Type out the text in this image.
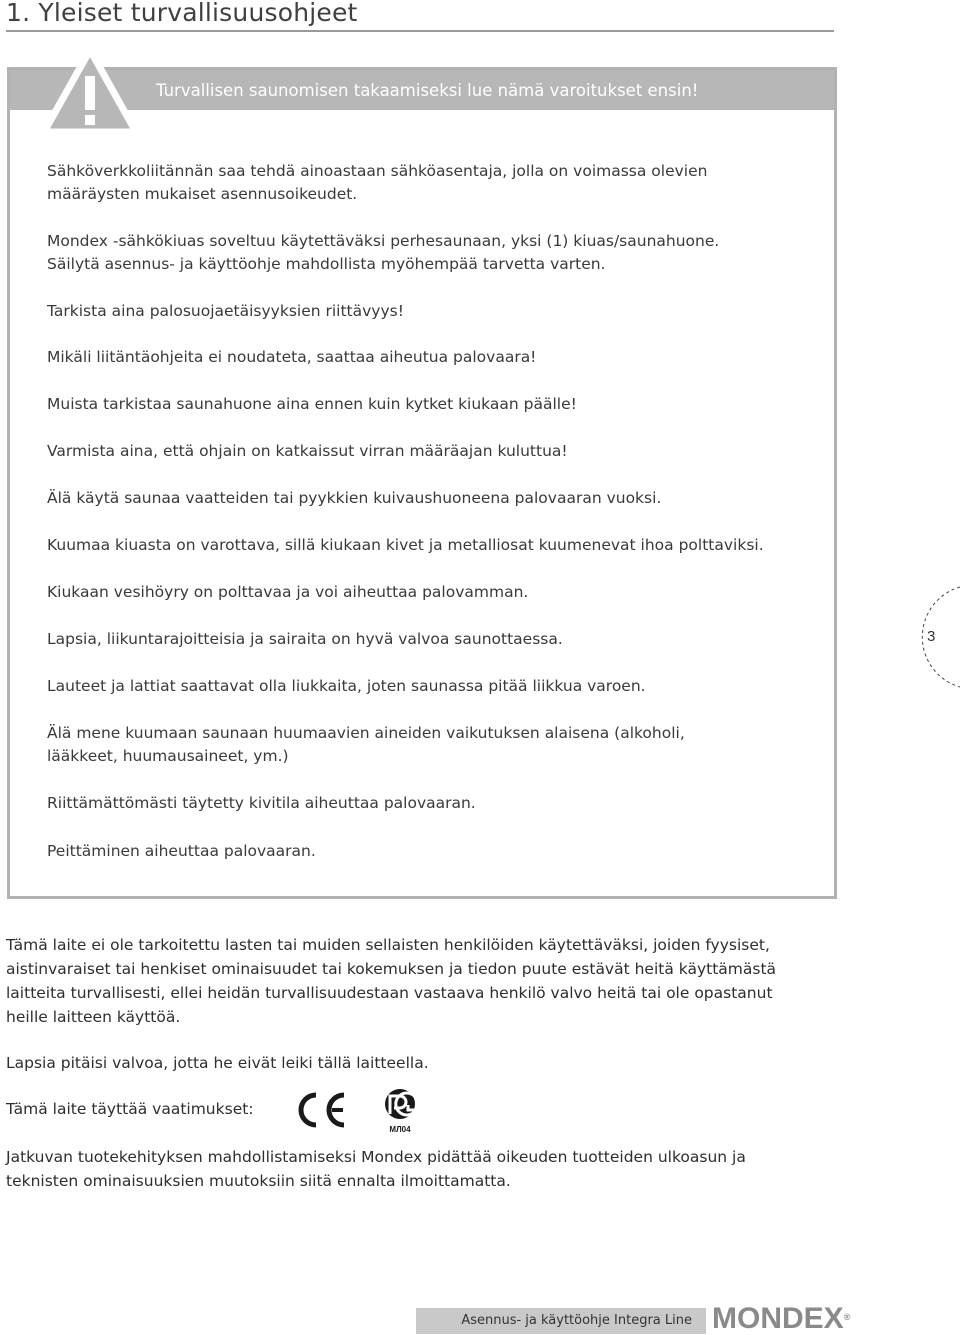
1. Yleiset turvallisuusohjeet
Turvallisen saunomisen takaamiseksi lue nämä varoitukset ensin!
Sähköverkkoliitännän saa tehdä ainoastaan sähköasentaja, jolla on voimassa olevien
määräysten mukaiset asennusoikeudet.
Mondex -sähkökiuas soveltuu käytettäväksi perhesaunaan, yksi (1) kiuas/saunahuone.
Säilytä asennus- ja käyttöohje mahdollista myöhempää tarvetta varten.
Tarkista aina palosuojaetäisyyksien riittävyys!
Mikäli liitäntäohjeita ei noudateta, saattaa aiheutua palovaara!
Muista tarkistaa saunahuone aina ennen kuin kytket kiukaan päälle!
Varmista aina, että ohjain on katkaissut virran määräajan kuluttua!
Älä käytä saunaa vaatteiden tai pyykkien kuivaushuoneena palovaaran vuoksi.
Kuumaa kiuasta on varottava, sillä kiukaan kivet ja metalliosat kuumenevat ihoa polttaviksi.
Kiukaan vesihöyry on polttavaa ja voi aiheuttaa palovamman.
Lapsia, liikuntarajoitteisia ja sairaita on hyvä valvoa saunottaessa.
Lauteet ja lattiat saattavat olla liukkaita, joten saunassa pitää liikkua varoen.
Älä mene kuumaan saunaan huumaavien aineiden vaikutuksen alaisena (alkoholi,
lääkkeet, huumausaineet, ym.)
Riittämättömästi täytetty kivitila aiheuttaa palovaaran.
Peittäminen aiheuttaa palovaaran.
Tämä laite ei ole tarkoitettu lasten tai muiden sellaisten henkilöiden käytettäväksi, joiden fyysiset,
aistinvaraiset tai henkiset ominaisuudet tai kokemuksen ja tiedon puute estävät heitä käyttämästä
laitteita turvallisesti, ellei heidän turvallisuudestaan vastaava henkilö valvo heitä tai ole opastanut
heille laitteen käyttöä.
Lapsia pitäisi valvoa, jotta he eivät leiki tällä laitteella.
Jatkuvan tuotekehityksen mahdollistamiseksi Mondex pidättää oikeuden tuotteiden ulkoasun ja
teknisten ominaisuuksien muutoksiin siitä ennalta ilmoittamatta.

Tämä laite täyttää vaatimukset:

МЛ04
3
Asennus- ja käyttöohje Integra Line MONDEX®
